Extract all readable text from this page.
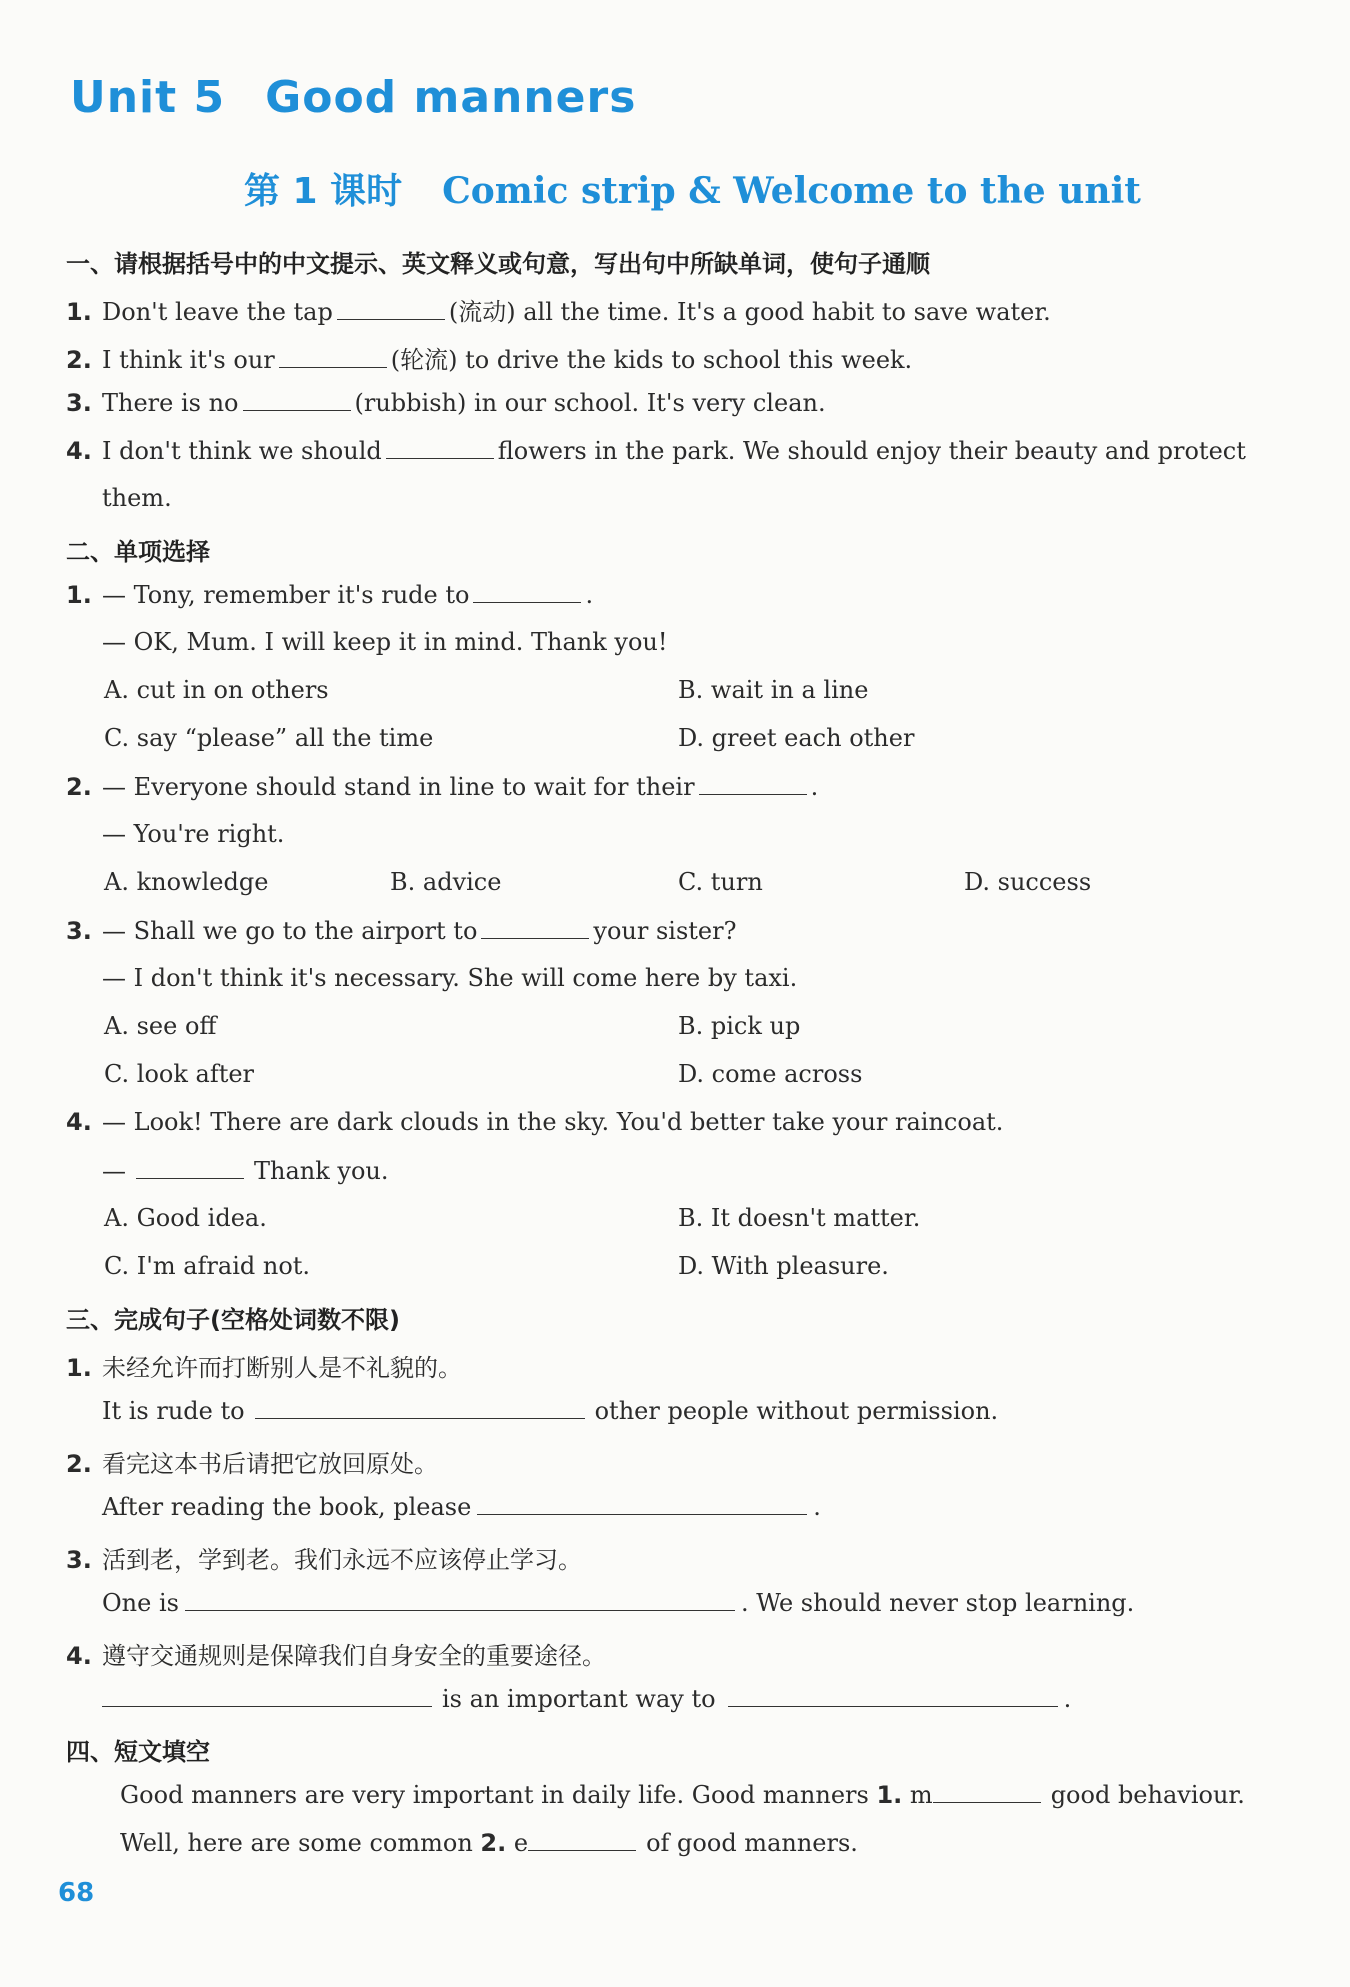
Unit 5 Good manners
第 1 课时 Comic strip & Welcome to the unit
一、请根据括号中的中文提示、英文释义或句意，写出句中所缺单词，使句子通顺
1. Don't leave the tap	(流动) all the time. It's a good habit to save water.
2. I think it's our	(轮流) to drive the kids to school this week.
3. There is no	(rubbish) in our school. It's very clean.
4. I don't think we should	flowers in the park. We should enjoy their beauty and protect
them.
二、单项选择
1. — Tony, remember it's rude to	.
— OK, Mum. I will keep it in mind. Thank you!
A. cut in on others	B. wait in a line
C. say “please” all the time	D. greet each other
2. — Everyone should stand in line to wait for their	.
— You're right.
A. knowledge	B. advice	C. turn	D. success
3. — Shall we go to the airport to	your sister?
— I don't think it's necessary. She will come here by taxi.
A. see off	B. pick up
C. look after	D. come across
4. — Look! There are dark clouds in the sky. You'd better take your raincoat.
—	Thank you.
A. Good idea.	B. It doesn't matter.
C. I'm afraid not.	D. With pleasure.
三、完成句子(空格处词数不限)
1. 未经允许而打断别人是不礼貌的。
It is rude to	other people without permission.
2. 看完这本书后请把它放回原处。
After reading the book, please	.
3. 活到老，学到老。我们永远不应该停止学习。
One is	. We should never stop learning.
4. 遵守交通规则是保障我们自身安全的重要途径。
is an important way to	.
四、短文填空
Good manners are very important in daily life. Good manners 1. m	good behaviour.
Well, here are some common 2. e	of good manners.
68
